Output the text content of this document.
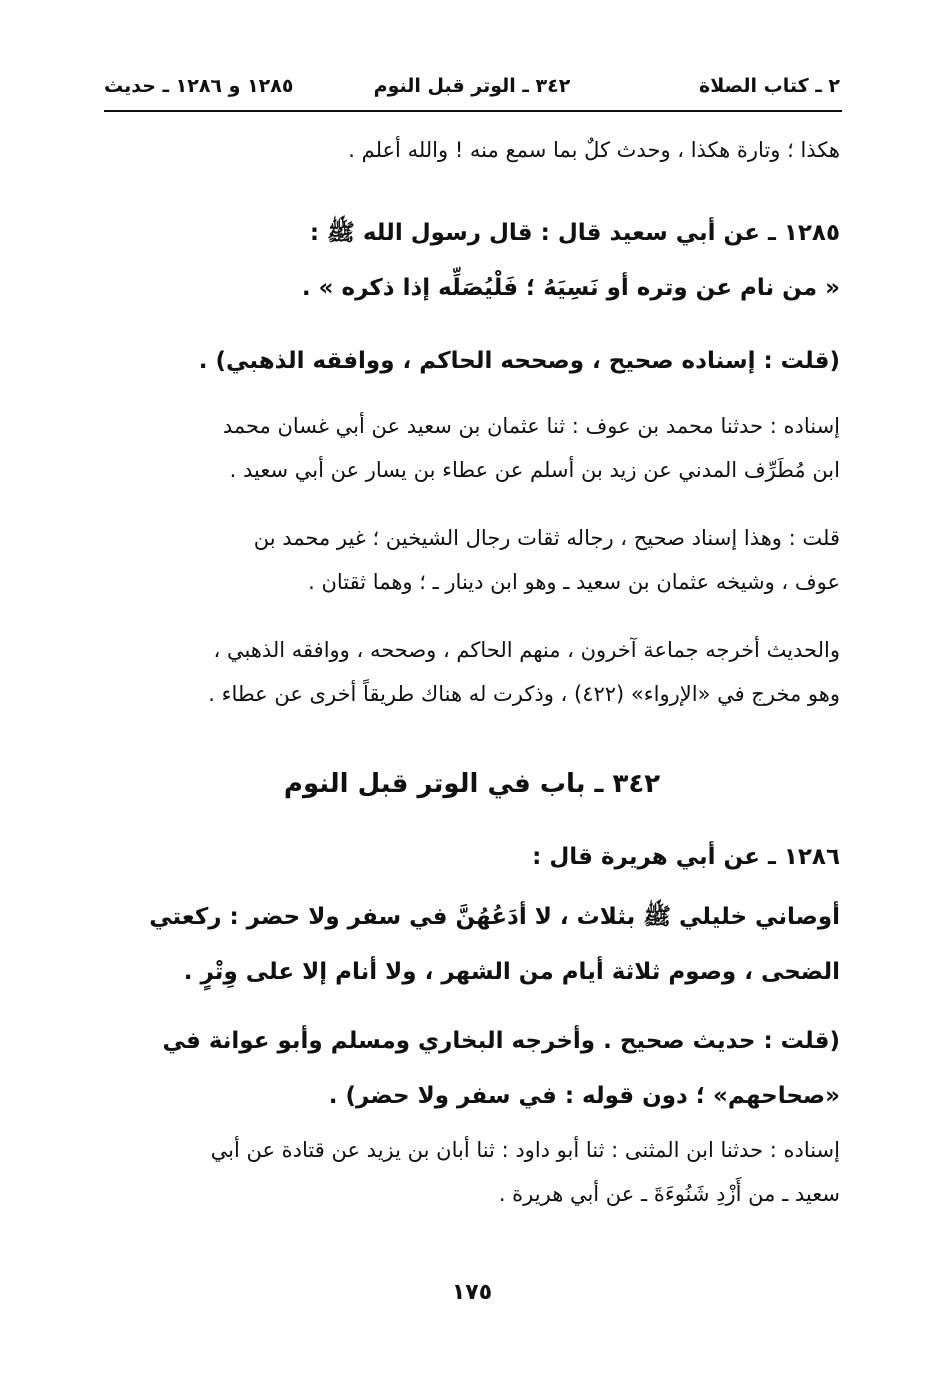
٢ ـ كتاب الصلاة
٣٤٢ ـ الوتر قبل النوم
١٢٨٥ و ١٢٨٦ ـ حديث

هكذا ؛ وتارة هكذا ، وحدث كلٌ بما سمع منه ! والله أعلم .

١٢٨٥ ـ عن أبي سعيد قال : قال رسول الله ﷺ :
« من نام عن وتره أو نَسِيَهُ ؛ فَلْيُصَلِّه إذا ذكره » .

(قلت : إسناده صحيح ، وصححه الحاكم ، ووافقه الذهبي) .

إسناده : حدثنا محمد بن عوف : ثنا عثمان بن سعيد عن أبي غسان محمد
ابن مُطَرِّف المدني عن زيد بن أسلم عن عطاء بن يسار عن أبي سعيد .

قلت : وهذا إسناد صحيح ، رجاله ثقات رجال الشيخين ؛ غير محمد بن
عوف ، وشيخه عثمان بن سعيد ـ وهو ابن دينار ـ ؛ وهما ثقتان .

والحديث أخرجه جماعة آخرون ، منهم الحاكم ، وصححه ، ووافقه الذهبي ،
وهو مخرج في «الإرواء» (٤٢٢) ، وذكرت له هناك طريقاً أخرى عن عطاء .

٣٤٢ ـ باب في الوتر قبل النوم

١٢٨٦ ـ عن أبي هريرة قال :

أوصاني خليلي ﷺ بثلاث ، لا أدَعُهُنَّ في سفر ولا حضر : ركعتي
الضحى ، وصوم ثلاثة أيام من الشهر ، ولا أنام إلا على وِتْرٍ .

(قلت : حديث صحيح . وأخرجه البخاري ومسلم وأبو عوانة في
«صحاحهم» ؛ دون قوله : في سفر ولا حضر) .

إسناده : حدثنا ابن المثنى : ثنا أبو داود : ثنا أبان بن يزيد عن قتادة عن أبي
سعيد ـ من أَزْدِ شَنُوءَةَ ـ عن أبي هريرة .

١٧٥
